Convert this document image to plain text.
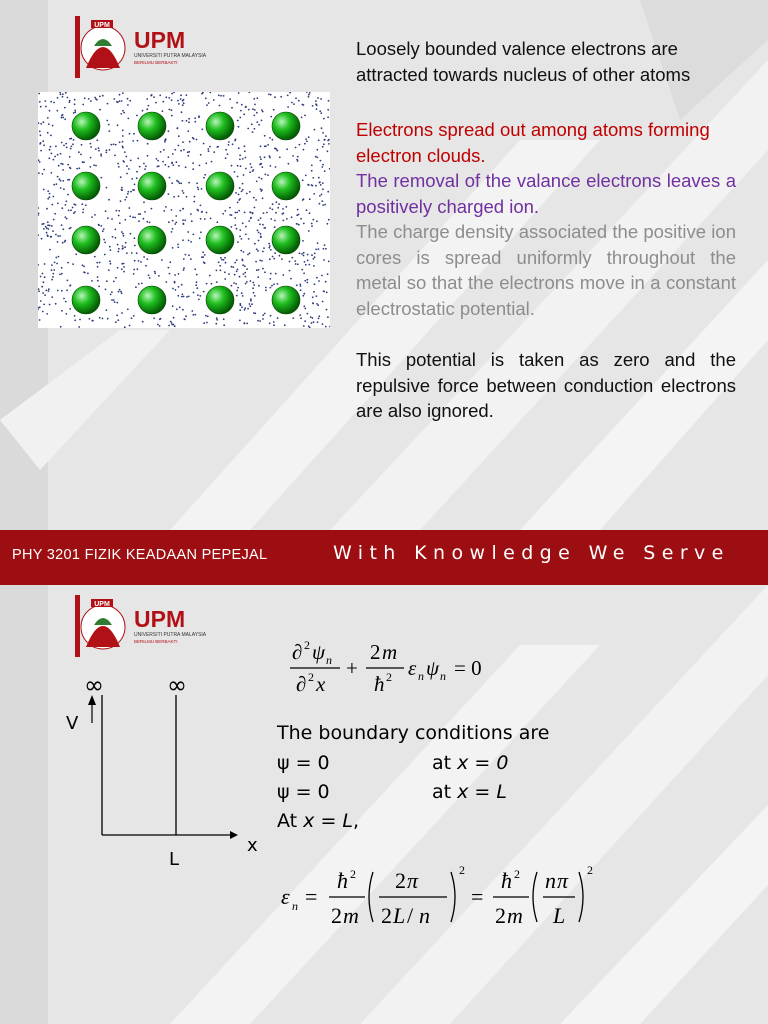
UPM
UPM
UNIVERSITI PUTRA MALAYSIA
BERILMU BERBAKTI

Loosely bounded valence electrons are attracted towards nucleus of other atoms

Electrons spread out among atoms forming electron clouds.

The removal of the valance electrons leaves a positively charged ion.

The charge density associated the positive ion cores is spread uniformly throughout the metal so that the electrons move in a constant electrostatic potential.

This potential is taken as zero and the repulsive force between conduction electrons are also ignored.

PHY 3201 FIZIK KEADAAN PEPEJAL	With Knowledge We Serve
UPM
UPM
UNIVERSITI PUTRA MALAYSIA
BERILMU BERBAKTI	∂ 2 ψ n
∂ 2 x
+
2 m
ħ 2 ε n ψ n = 0
∞	∞
V
x
L
The boundary conditions are
ψ = 0	at x = 0
ψ = 0	at x = L
At x = L,
ε n =
ħ 2
2 m
2 π
2 L / n
2
=
ħ 2
2 m
n π
L
2
